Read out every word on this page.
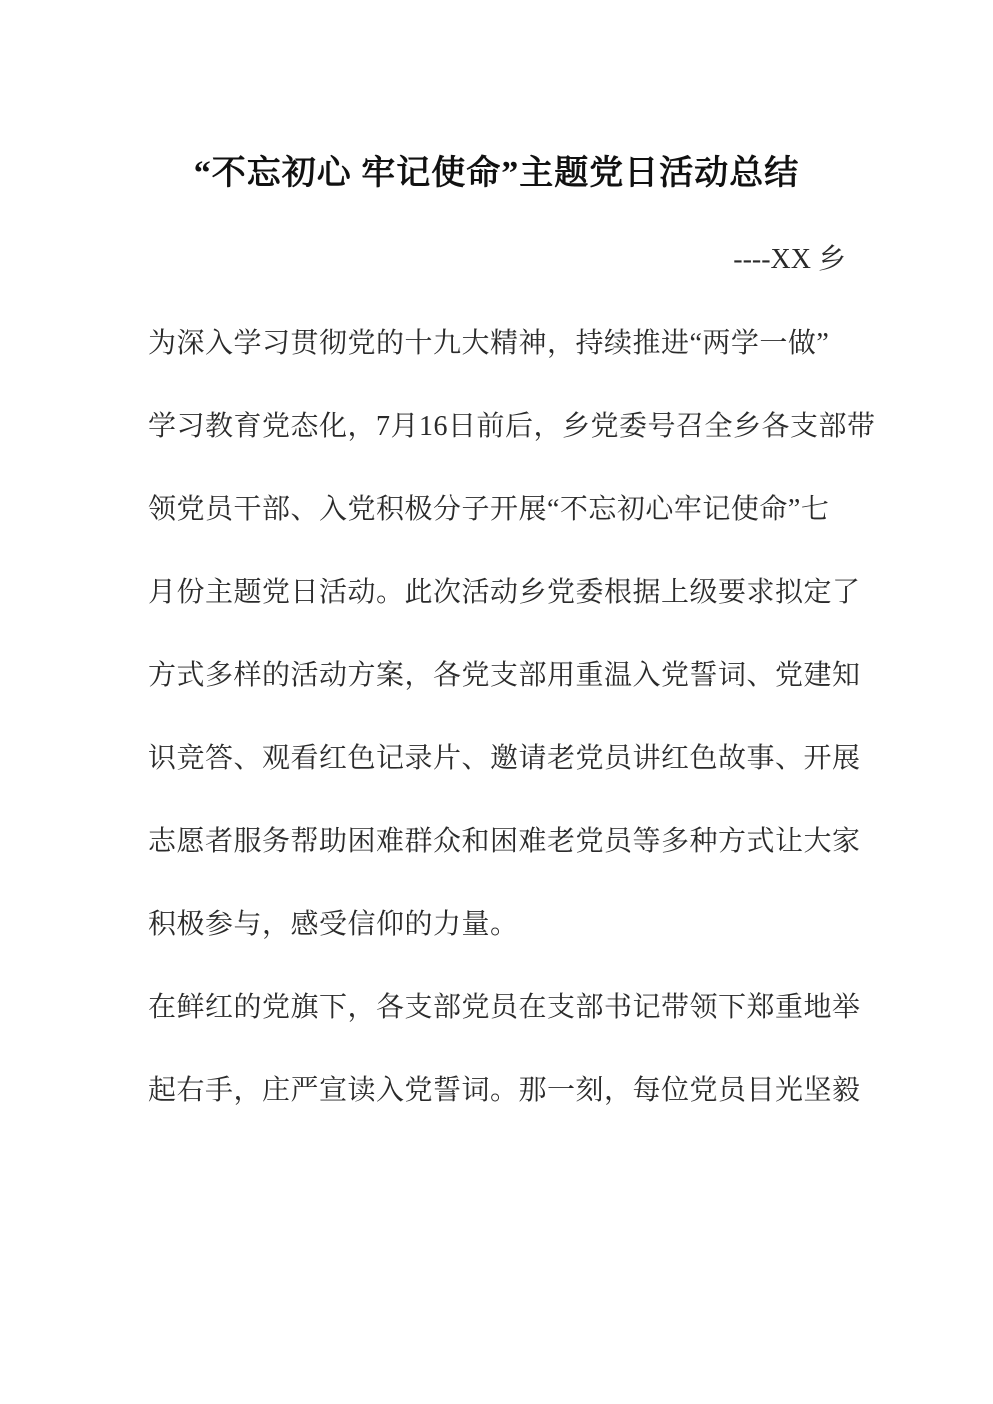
“不忘初心 牢记使命”主题党日活动总结
----XX 乡
为深入学习贯彻党的十九大精神，持续推进“两学一做”
学习教育党态化，7月16日前后，乡党委号召全乡各支部带
领党员干部、入党积极分子开展“不忘初心牢记使命”七
月份主题党日活动。此次活动乡党委根据上级要求拟定了
方式多样的活动方案，各党支部用重温入党誓词、党建知
识竞答、观看红色记录片、邀请老党员讲红色故事、开展
志愿者服务帮助困难群众和困难老党员等多种方式让大家
积极参与，感受信仰的力量。
在鲜红的党旗下，各支部党员在支部书记带领下郑重地举
起右手，庄严宣读入党誓词。那一刻，每位党员目光坚毅
